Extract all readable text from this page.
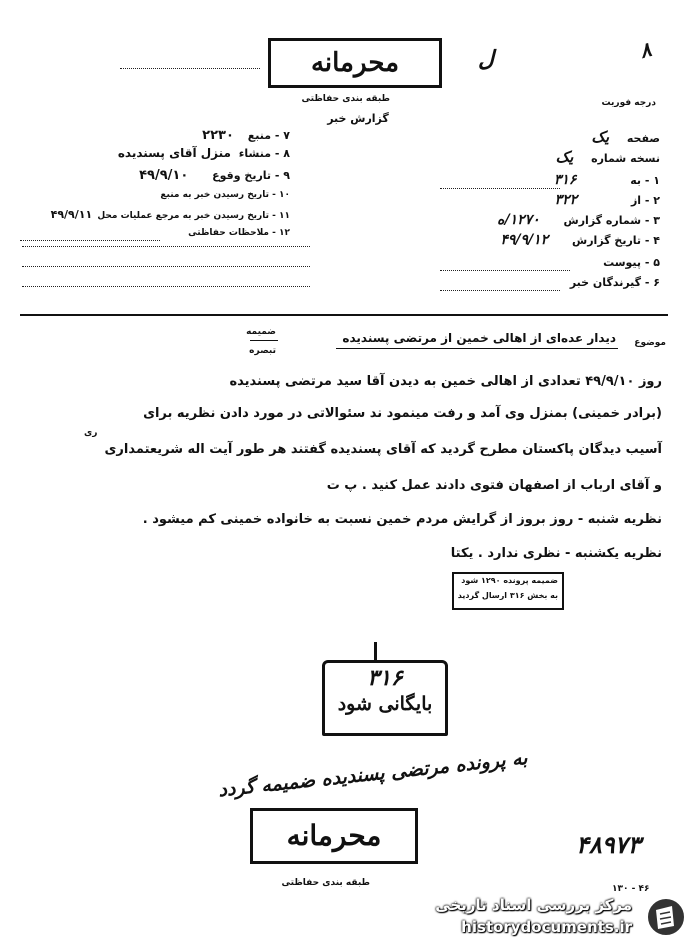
۸
محرمانه	ل
طبقه بندی حفاظتی
گزارش خبر
درجه فوریت
صفحه یک
نسخه شماره یک
۱ - به ۳۱۶
۲ - از ۳۲۲
۳ - شماره گزارش ۱۲۷۰/ه
۴ - تاریخ گزارش ۴۹/۹/۱۲
۵ - پیوست
۶ - گیرندگان خبر
۷ - منبع ۲۲۳۰
۸ - منشاء منزل آقای پسندیده
۹ - تاریخ وقوع ۴۹/۹/۱۰
۱۰ - تاریخ رسیدن خبر به منبع
۱۱ - تاریخ رسیدن خبر به مرجع عملیات محل ۴۹/۹/۱۱
۱۲ - ملاحظات حفاظتی
موضوع
دیدار عده‌ای از اهالی خمین از مرتضی پسندیده
ضمیمه
تبصره
روز ۴۹/۹/۱۰ تعدادی از اهالی خمین به دیدن آقا سید مرتضی پسندیده
(برادر خمینی) بمنزل وی آمد و رفت مینمود ند سئوالاتی در مورد دادن نظریه برای
آسیب دیدگان پاکستان مطرح گردید که آقای پسندیده گفتند هر طور آیت اله شریعتمداری
ری
و آقای ارباب از اصفهان فتوی دادند عمل کنید . پ ت
نظریه شنبه - روز بروز از گرایش مردم خمین نسبت به خانواده خمینی کم میشود .
نظریه یکشنبه - نظری ندارد . یکتا
ضمیمه پرونده ۱۲۹۰ شود
به بخش ۳۱۶ ارسال گردید
۳۱۶
بایگانی شود
به پرونده مرتضی پسندیده ضمیمه گردد
محرمانه
طبقه بندی حفاظتی
۴۸۹۷۳
۱۳۰ - ۴۶
مرکز بررسی اسناد تاریخی
historydocuments.ir
